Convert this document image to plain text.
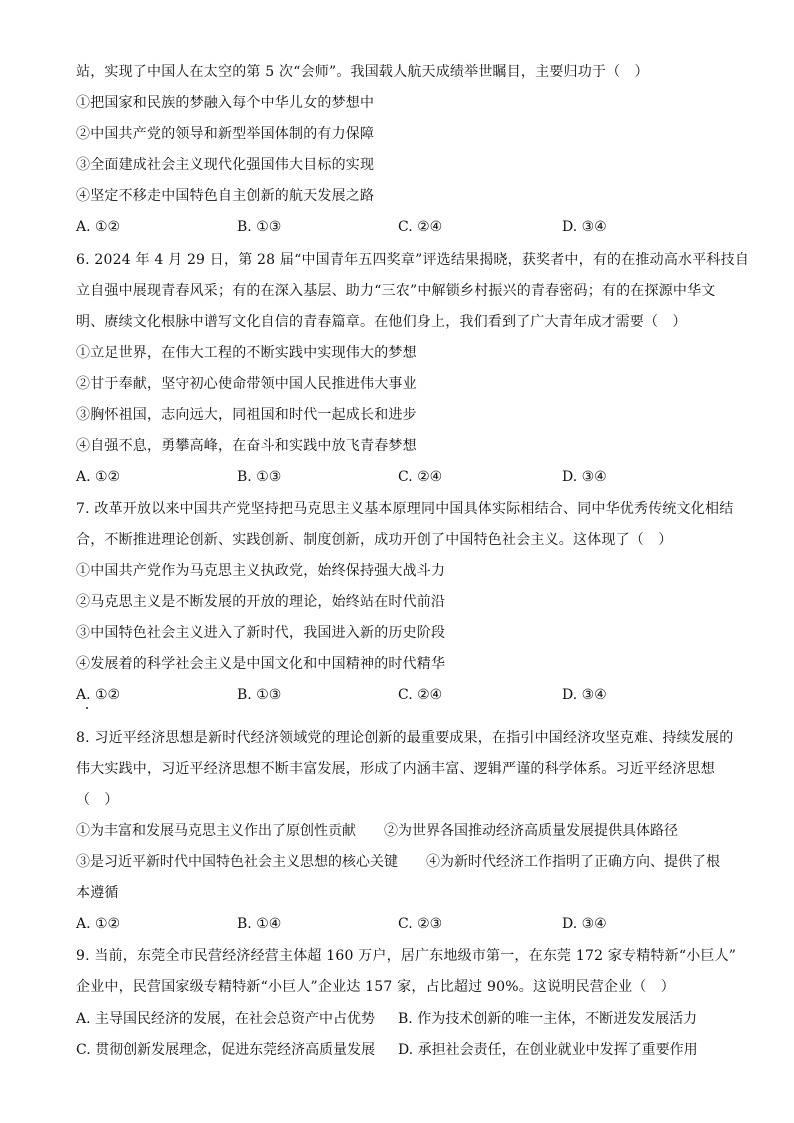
站，实现了中国人在太空的第 5 次“会师”。我国载人航天成绩举世瞩目，主要归功于（　）
①把国家和民族的梦融入每个中华儿女的梦想中
②中国共产党的领导和新型举国体制的有力保障
③全面建成社会主义现代化强国伟大目标的实现
④坚定不移走中国特色自主创新的航天发展之路
A. ①②	B. ①③	C. ②④	D. ③④
6. 2024 年 4 月 29 日，第 28 届“中国青年五四奖章”评选结果揭晓，获奖者中，有的在推动高水平科技自
立自强中展现青春风采；有的在深入基层、助力“三农”中解锁乡村振兴的青春密码；有的在探源中华文
明、赓续文化根脉中谱写文化自信的青春篇章。在他们身上，我们看到了广大青年成才需要（　）
①立足世界，在伟大工程的不断实践中实现伟大的梦想
②甘于奉献，坚守初心使命带领中国人民推进伟大事业
③胸怀祖国，志向远大，同祖国和时代一起成长和进步
④自强不息，勇攀高峰，在奋斗和实践中放飞青春梦想
A. ①②	B. ①③	C. ②④	D. ③④
7. 改革开放以来中国共产党坚持把马克思主义基本原理同中国具体实际相结合、同中华优秀传统文化相结
合，不断推进理论创新、实践创新、制度创新，成功开创了中国特色社会主义。这体现了（　）
①中国共产党作为马克思主义执政党，始终保持强大战斗力
②马克思主义是不断发展的开放的理论，始终站在时代前沿
③中国特色社会主义进入了新时代，我国进入新的历史阶段
④发展着的科学社会主义是中国文化和中国精神的时代精华
A. ①②	B. ①③	C. ②④	D. ③④
8. 习近平经济思想是新时代经济领域党的理论创新的最重要成果，在指引中国经济攻坚克难、持续发展的
伟大实践中，习近平经济思想不断丰富发展，形成了内涵丰富、逻辑严谨的科学体系。习近平经济思想
（　）
①为丰富和发展马克思主义作出了原创性贡献 ②为世界各国推动经济高质量发展提供具体路径
③是习近平新时代中国特色社会主义思想的核心关键 ④为新时代经济工作指明了正确方向、提供了根
本遵循
A. ①②	B. ①④	C. ②③	D. ③④
9. 当前，东莞全市民营经济经营主体超 160 万户，居广东地级市第一，在东莞 172 家专精特新“小巨人”
企业中，民营国家级专精特新“小巨人”企业达 157 家，占比超过 90%。这说明民营企业（　）
A. 主导国民经济的发展，在社会总资产中占优势 B. 作为技术创新的唯一主体，不断迸发发展活力
C. 贯彻创新发展理念，促进东莞经济高质量发展 D. 承担社会责任，在创业就业中发挥了重要作用
